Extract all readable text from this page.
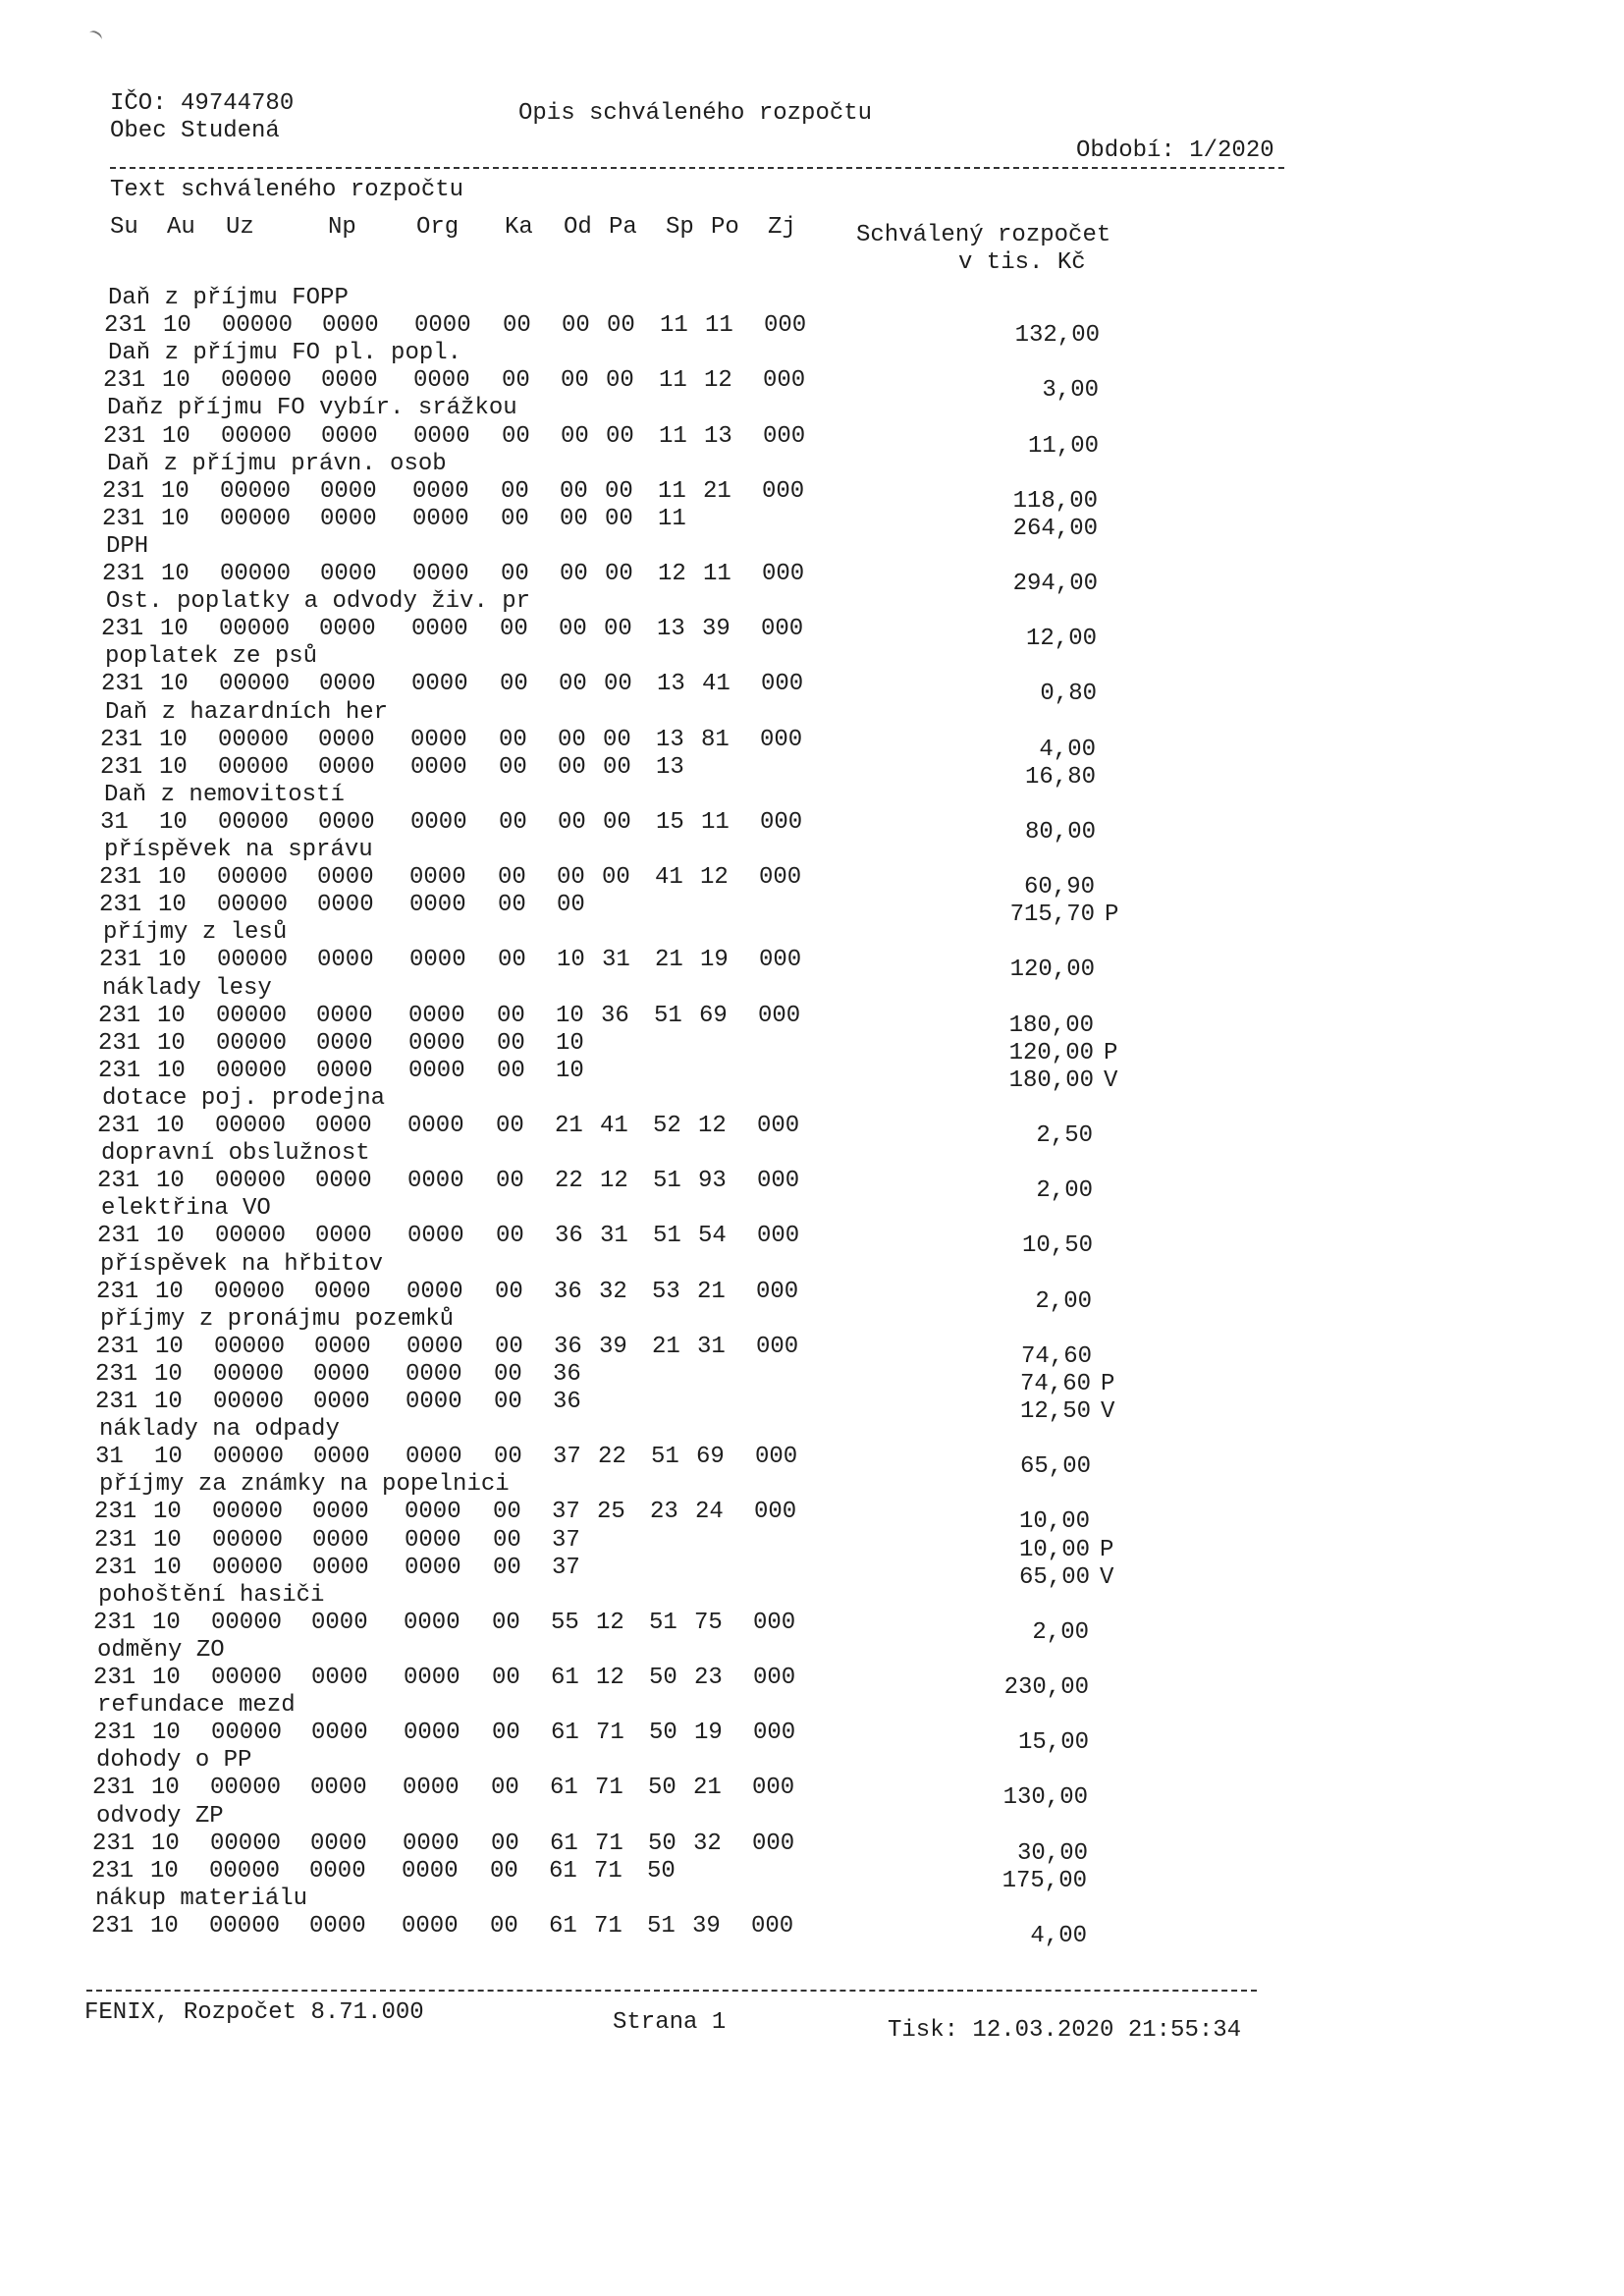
IČO: 49744780
Obec Studená
Opis schváleného rozpočtu
Období: 1/2020
Text schváleného rozpočtu
Su Au Uz	Np	Org Ka Od Pa Sp Po Zj	Schválený rozpočet
v tis. Kč
Daň z příjmu FOPP
231 10 00000 0000 0000 00 00 00 11 11 000	132,00
Daň z příjmu FO pl. popl.
231 10 00000 0000 0000 00 00 00 11 12 000	3,00
Daňz příjmu FO vybír. srážkou
231 10 00000 0000 0000 00 00 00 11 13 000	11,00
Daň z příjmu právn. osob
231 10 00000 0000 0000 00 00 00 11 21 000	118,00
231 10 00000 0000 0000 00 00 00 11	264,00
DPH
231 10 00000 0000 0000 00 00 00 12 11 000	294,00
Ost. poplatky a odvody živ. pr
231 10 00000 0000 0000 00 00 00 13 39 000	12,00
poplatek ze psů
231 10 00000 0000 0000 00 00 00 13 41 000	0,80
Daň z hazardních her
231 10 00000 0000 0000 00 00 00 13 81 000	4,00
231 10 00000 0000 0000 00 00 00 13	16,80
Daň z nemovitostí
31 10 00000 0000 0000 00 00 00 15 11 000	80,00
příspěvek na správu
231 10 00000 0000 0000 00 00 00 41 12 000	60,90
231 10 00000 0000 0000 00 00	715,70 P
příjmy z lesů
231 10 00000 0000 0000 00 10 31 21 19 000	120,00
náklady lesy
231 10 00000 0000 0000 00 10 36 51 69 000	180,00
231 10 00000 0000 0000 00 10	120,00 P
231 10 00000 0000 0000 00 10	180,00 V
dotace poj. prodejna
231 10 00000 0000 0000 00 21 41 52 12 000	2,50
dopravní obslužnost
231 10 00000 0000 0000 00 22 12 51 93 000	2,00
elektřina VO
231 10 00000 0000 0000 00 36 31 51 54 000	10,50
příspěvek na hřbitov
231 10 00000 0000 0000 00 36 32 53 21 000	2,00
příjmy z pronájmu pozemků
231 10 00000 0000 0000 00 36 39 21 31 000	74,60
231 10 00000 0000 0000 00 36	74,60 P
231 10 00000 0000 0000 00 36	12,50 V
náklady na odpady
31 10 00000 0000 0000 00 37 22 51 69 000	65,00
příjmy za známky na popelnici
231 10 00000 0000 0000 00 37 25 23 24 000	10,00
231 10 00000 0000 0000 00 37	10,00 P
231 10 00000 0000 0000 00 37	65,00 V
pohoštění hasiči
231 10 00000 0000 0000 00 55 12 51 75 000	2,00
odměny ZO
231 10 00000 0000 0000 00 61 12 50 23 000	230,00
refundace mezd
231 10 00000 0000 0000 00 61 71 50 19 000	15,00
dohody o PP
231 10 00000 0000 0000 00 61 71 50 21 000	130,00
odvody ZP
231 10 00000 0000 0000 00 61 71 50 32 000	30,00
231 10 00000 0000 0000 00 61 71 50	175,00
nákup materiálu
231 10 00000 0000 0000 00 61 71 51 39 000	4,00
FENIX, Rozpočet 8.71.000	Strana 1	Tisk: 12.03.2020 21:55:34
